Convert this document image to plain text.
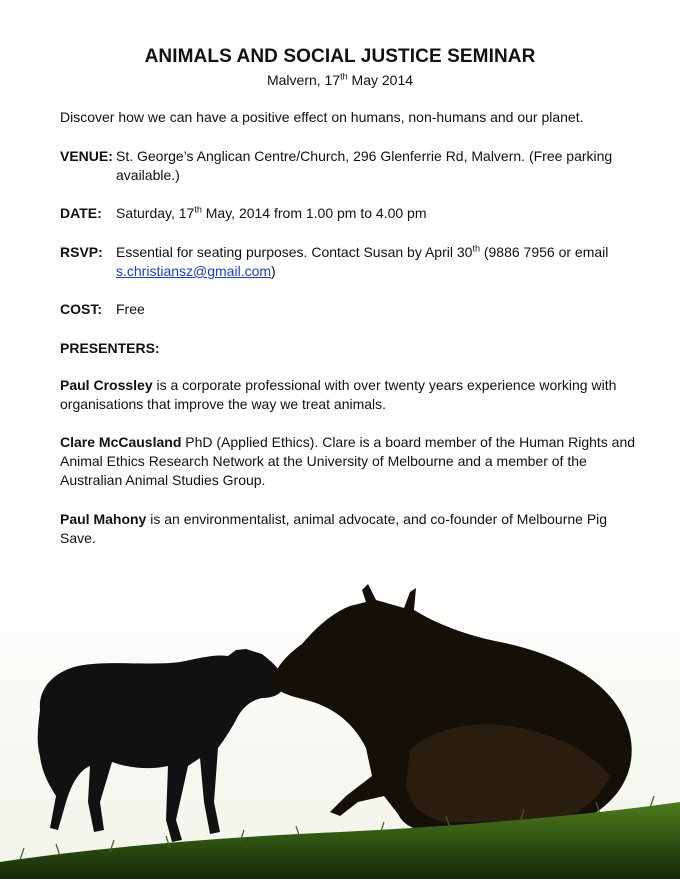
ANIMALS AND SOCIAL JUSTICE SEMINAR
Malvern, 17th May 2014
Discover how we can have a positive effect on humans, non-humans and our planet.
VENUE: St. George’s Anglican Centre/Church, 296 Glenferrie Rd, Malvern. (Free parking
available.)
DATE: Saturday, 17th May, 2014 from 1.00 pm to 4.00 pm
RSVP: Essential for seating purposes. Contact Susan by April 30th (9886 7956 or email
s.christiansz@gmail.com)
COST: Free
PRESENTERS:
Paul Crossley is a corporate professional with over twenty years experience working with
organisations that improve the way we treat animals.
Clare McCausland PhD (Applied Ethics). Clare is a board member of the Human Rights and
Animal Ethics Research Network at the University of Melbourne and a member of the
Australian Animal Studies Group.
Paul Mahony is an environmentalist, animal advocate, and co-founder of Melbourne Pig
Save.
